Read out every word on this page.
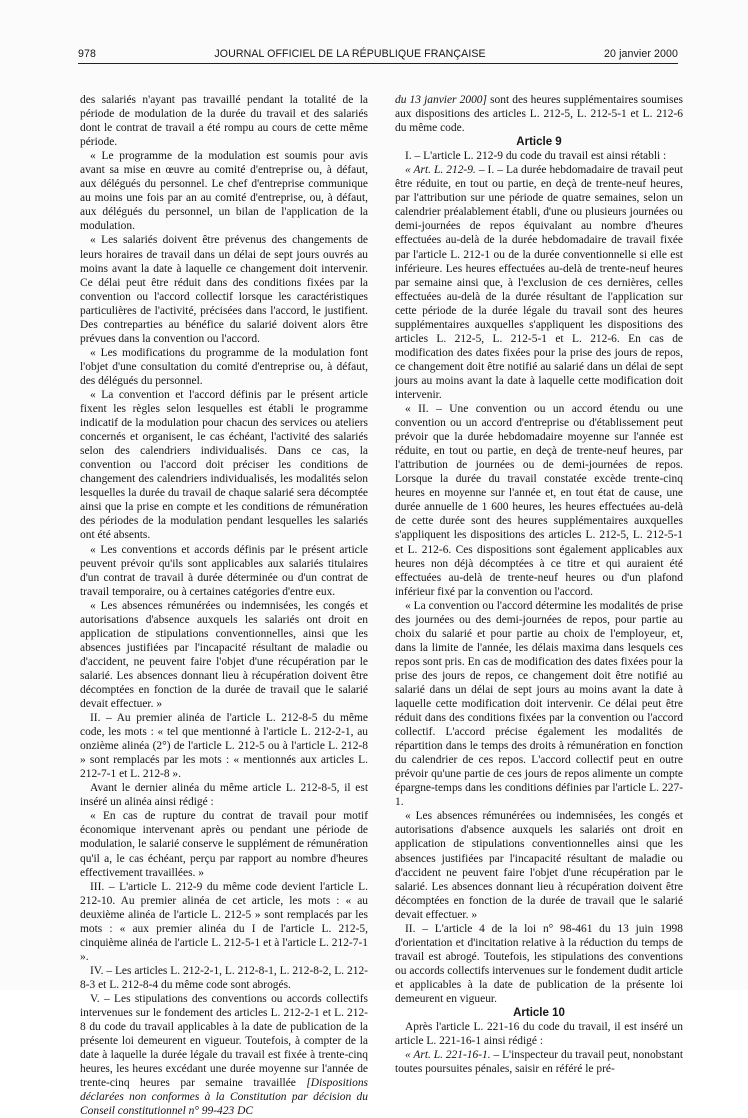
978	JOURNAL OFFICIEL DE LA RÉPUBLIQUE FRANÇAISE	20 janvier 2000

des salariés n'ayant pas travaillé pendant la totalité de la période de modulation de la durée du travail et des salariés dont le contrat de travail a été rompu au cours de cette même période.

« Le programme de la modulation est soumis pour avis avant sa mise en œuvre au comité d'entreprise ou, à défaut, aux délégués du personnel. Le chef d'entreprise communique au moins une fois par an au comité d'entreprise, ou, à défaut, aux délégués du personnel, un bilan de l'application de la modulation.

« Les salariés doivent être prévenus des changements de leurs horaires de travail dans un délai de sept jours ouvrés au moins avant la date à laquelle ce changement doit intervenir. Ce délai peut être réduit dans des conditions fixées par la convention ou l'accord collectif lorsque les caractéristiques particulières de l'activité, précisées dans l'accord, le justifient. Des contreparties au bénéfice du salarié doivent alors être prévues dans la convention ou l'accord.

« Les modifications du programme de la modulation font l'objet d'une consultation du comité d'entreprise ou, à défaut, des délégués du personnel.

« La convention et l'accord définis par le présent article fixent les règles selon lesquelles est établi le programme indicatif de la modulation pour chacun des services ou ateliers concernés et organisent, le cas échéant, l'activité des salariés selon des calendriers individualisés. Dans ce cas, la convention ou l'accord doit préciser les conditions de changement des calendriers individualisés, les modalités selon lesquelles la durée du travail de chaque salarié sera décomptée ainsi que la prise en compte et les conditions de rémunération des périodes de la modulation pendant lesquelles les salariés ont été absents.

« Les conventions et accords définis par le présent article peuvent prévoir qu'ils sont applicables aux salariés titulaires d'un contrat de travail à durée déterminée ou d'un contrat de travail temporaire, ou à certaines catégories d'entre eux.

« Les absences rémunérées ou indemnisées, les congés et autorisations d'absence auxquels les salariés ont droit en application de stipulations conventionnelles, ainsi que les absences justifiées par l'incapacité résultant de maladie ou d'accident, ne peuvent faire l'objet d'une récupération par le salarié. Les absences donnant lieu à récupération doivent être décomptées en fonction de la durée de travail que le salarié devait effectuer. »

II. – Au premier alinéa de l'article L. 212-8-5 du même code, les mots : « tel que mentionné à l'article L. 212-2-1, au onzième alinéa (2°) de l'article L. 212-5 ou à l'article L. 212-8 » sont remplacés par les mots : « mentionnés aux articles L. 212-7-1 et L. 212-8 ».

Avant le dernier alinéa du même article L. 212-8-5, il est inséré un alinéa ainsi rédigé :

« En cas de rupture du contrat de travail pour motif économique intervenant après ou pendant une période de modulation, le salarié conserve le supplément de rémunération qu'il a, le cas échéant, perçu par rapport au nombre d'heures effectivement travaillées. »

III. – L'article L. 212-9 du même code devient l'article L. 212-10. Au premier alinéa de cet article, les mots : « au deuxième alinéa de l'article L. 212-5 » sont remplacés par les mots : « aux premier alinéa du I de l'article L. 212-5, cinquième alinéa de l'article L. 212-5-1 et à l'article L. 212-7-1 ».

IV. – Les articles L. 212-2-1, L. 212-8-1, L. 212-8-2, L. 212-8-3 et L. 212-8-4 du même code sont abrogés.

V. – Les stipulations des conventions ou accords collectifs intervenues sur le fondement des articles L. 212-2-1 et L. 212-8 du code du travail applicables à la date de publication de la présente loi demeurent en vigueur. Toutefois, à compter de la date à laquelle la durée légale du travail est fixée à trente-cinq heures, les heures excédant une durée moyenne sur l'année de trente-cinq heures par semaine travaillée [Dispositions déclarées non conformes à la Constitution par décision du Conseil constitutionnel n° 99-423 DC

du 13 janvier 2000] sont des heures supplémentaires soumises aux dispositions des articles L. 212-5, L. 212-5-1 et L. 212-6 du même code.

Article 9

I. – L'article L. 212-9 du code du travail est ainsi rétabli :

« Art. L. 212-9. – I. – La durée hebdomadaire de travail peut être réduite, en tout ou partie, en deçà de trente-neuf heures, par l'attribution sur une période de quatre semaines, selon un calendrier préalablement établi, d'une ou plusieurs journées ou demi-journées de repos équivalant au nombre d'heures effectuées au-delà de la durée hebdomadaire de travail fixée par l'article L. 212-1 ou de la durée conventionnelle si elle est inférieure. Les heures effectuées au-delà de trente-neuf heures par semaine ainsi que, à l'exclusion de ces dernières, celles effectuées au-delà de la durée résultant de l'application sur cette période de la durée légale du travail sont des heures supplémentaires auxquelles s'appliquent les dispositions des articles L. 212-5, L. 212-5-1 et L. 212-6. En cas de modification des dates fixées pour la prise des jours de repos, ce changement doit être notifié au salarié dans un délai de sept jours au moins avant la date à laquelle cette modification doit intervenir.

« II. – Une convention ou un accord étendu ou une convention ou un accord d'entreprise ou d'établissement peut prévoir que la durée hebdomadaire moyenne sur l'année est réduite, en tout ou partie, en deçà de trente-neuf heures, par l'attribution de journées ou de demi-journées de repos. Lorsque la durée du travail constatée excède trente-cinq heures en moyenne sur l'année et, en tout état de cause, une durée annuelle de 1 600 heures, les heures effectuées au-delà de cette durée sont des heures supplémentaires auxquelles s'appliquent les dispositions des articles L. 212-5, L. 212-5-1 et L. 212-6. Ces dispositions sont également applicables aux heures non déjà décomptées à ce titre et qui auraient été effectuées au-delà de trente-neuf heures ou d'un plafond inférieur fixé par la convention ou l'accord.

« La convention ou l'accord détermine les modalités de prise des journées ou des demi-journées de repos, pour partie au choix du salarié et pour partie au choix de l'employeur, et, dans la limite de l'année, les délais maxima dans lesquels ces repos sont pris. En cas de modification des dates fixées pour la prise des jours de repos, ce changement doit être notifié au salarié dans un délai de sept jours au moins avant la date à laquelle cette modification doit intervenir. Ce délai peut être réduit dans des conditions fixées par la convention ou l'accord collectif. L'accord précise également les modalités de répartition dans le temps des droits à rémunération en fonction du calendrier de ces repos. L'accord collectif peut en outre prévoir qu'une partie de ces jours de repos alimente un compte épargne-temps dans les conditions définies par l'article L. 227-1.

« Les absences rémunérées ou indemnisées, les congés et autorisations d'absence auxquels les salariés ont droit en application de stipulations conventionnelles ainsi que les absences justifiées par l'incapacité résultant de maladie ou d'accident ne peuvent faire l'objet d'une récupération par le salarié. Les absences donnant lieu à récupération doivent être décomptées en fonction de la durée de travail que le salarié devait effectuer. »

II. – L'article 4 de la loi n° 98-461 du 13 juin 1998 d'orientation et d'incitation relative à la réduction du temps de travail est abrogé. Toutefois, les stipulations des conventions ou accords collectifs intervenues sur le fondement dudit article et applicables à la date de publication de la présente loi demeurent en vigueur.

Article 10

Après l'article L. 221-16 du code du travail, il est inséré un article L. 221-16-1 ainsi rédigé :

« Art. L. 221-16-1. – L'inspecteur du travail peut, nonobstant toutes poursuites pénales, saisir en référé le pré-
